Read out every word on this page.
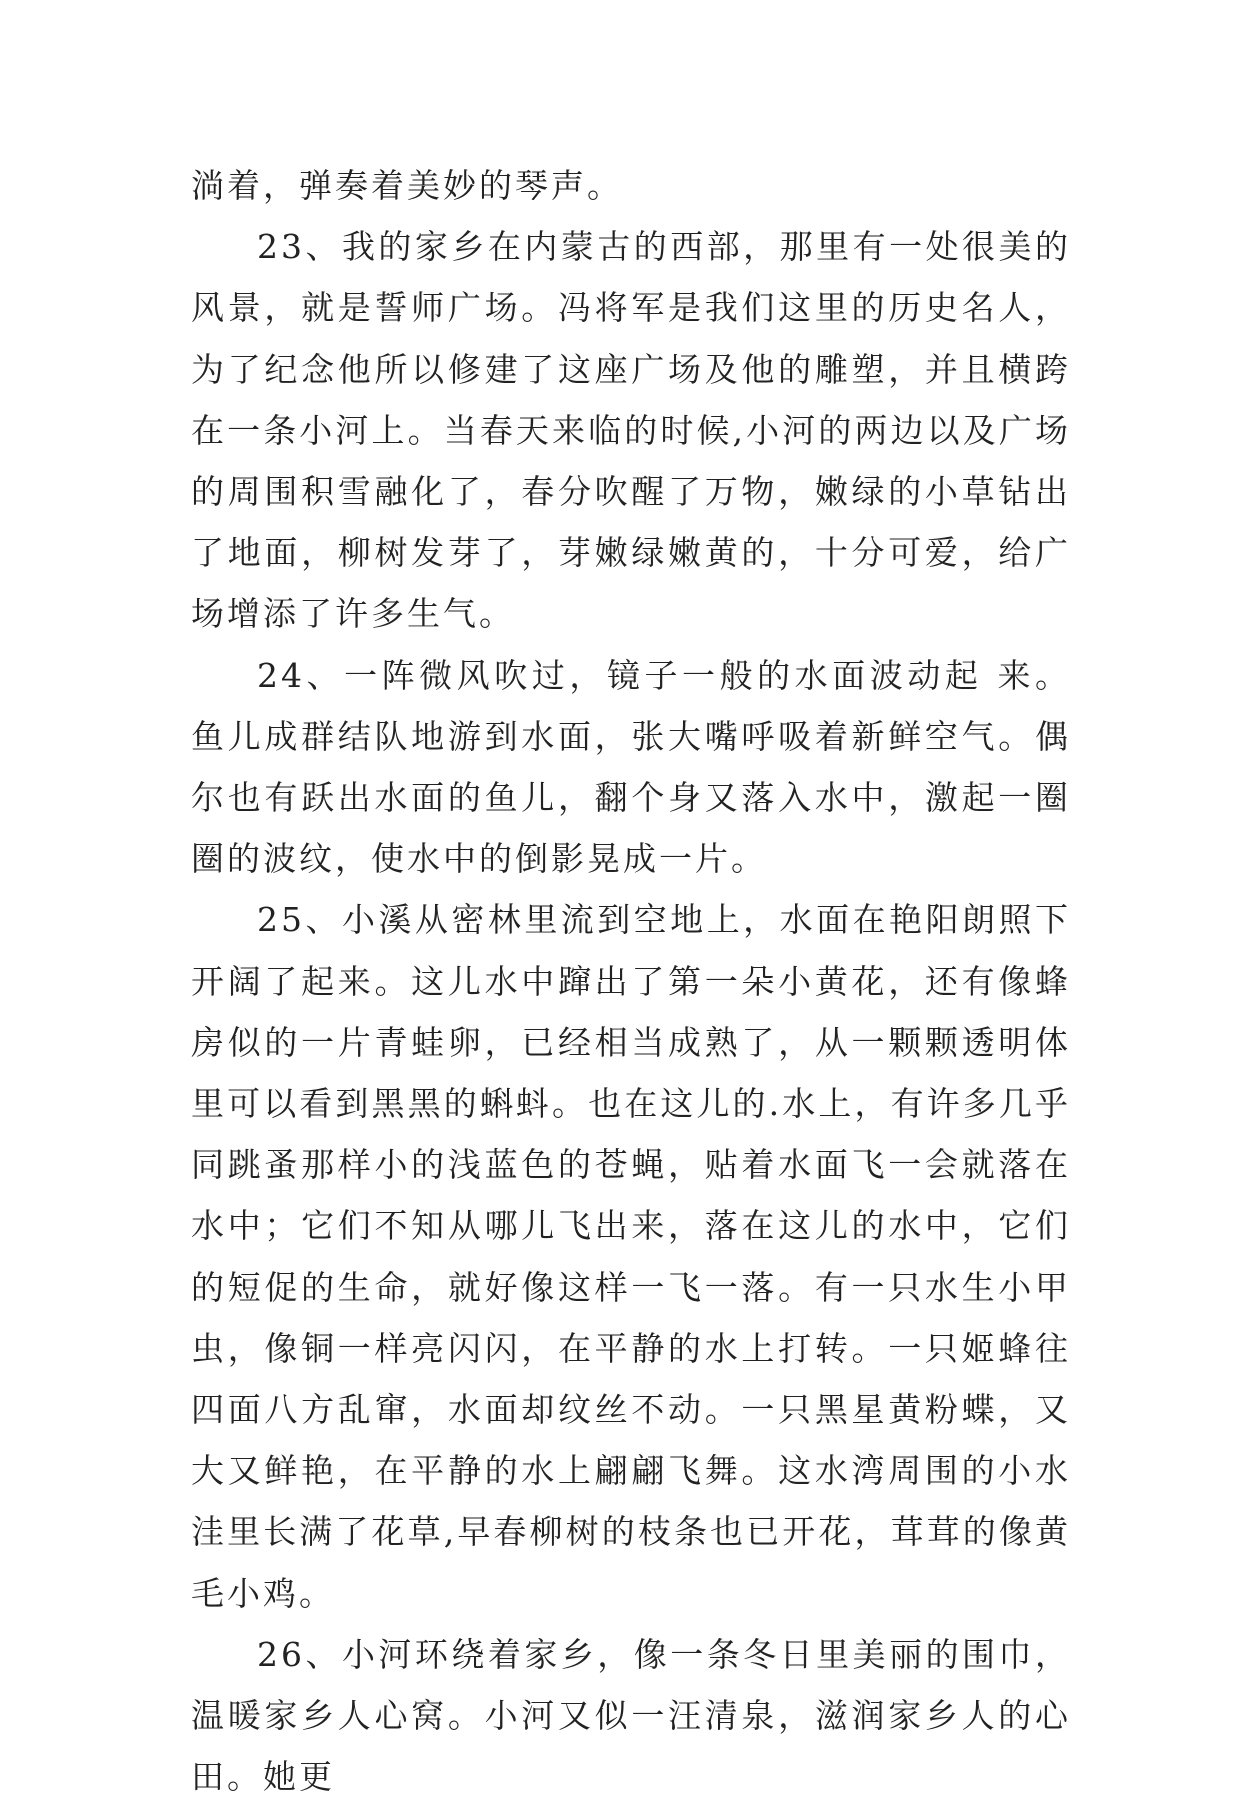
淌着，弹奏着美妙的琴声。

23、我的家乡在内蒙古的西部，那里有一处很美的风景，就是誓师广场。冯将军是我们这里的历史名人，为了纪念他所以修建了这座广场及他的雕塑，并且横跨在一条小河上。当春天来临的时候,小河的两边以及广场的周围积雪融化了，春分吹醒了万物，嫩绿的小草钻出了地面，柳树发芽了，芽嫩绿嫩黄的，十分可爱，给广场增添了许多生气。

24、一阵微风吹过，镜子一般的水面波动起 来。鱼儿成群结队地游到水面，张大嘴呼吸着新鲜空气。偶尔也有跃出水面的鱼儿，翻个身又落入水中，激起一圈圈的波纹，使水中的倒影晃成一片。

25、小溪从密林里流到空地上，水面在艳阳朗照下开阔了起来。这儿水中蹿出了第一朵小黄花，还有像蜂房似的一片青蛙卵，已经相当成熟了，从一颗颗透明体里可以看到黑黑的蝌蚪。也在这儿的.水上，有许多几乎同跳蚤那样小的浅蓝色的苍蝇，贴着水面飞一会就落在水中；它们不知从哪儿飞出来，落在这儿的水中，它们的短促的生命，就好像这样一飞一落。有一只水生小甲虫，像铜一样亮闪闪，在平静的水上打转。一只姬蜂往四面八方乱窜，水面却纹丝不动。一只黑星黄粉蝶，又大又鲜艳，在平静的水上翩翩飞舞。这水湾周围的小水洼里长满了花草,早春柳树的枝条也已开花，茸茸的像黄毛小鸡。

26、小河环绕着家乡，像一条冬日里美丽的围巾，温暖家乡人心窝。小河又似一汪清泉，滋润家乡人的心田。她更
